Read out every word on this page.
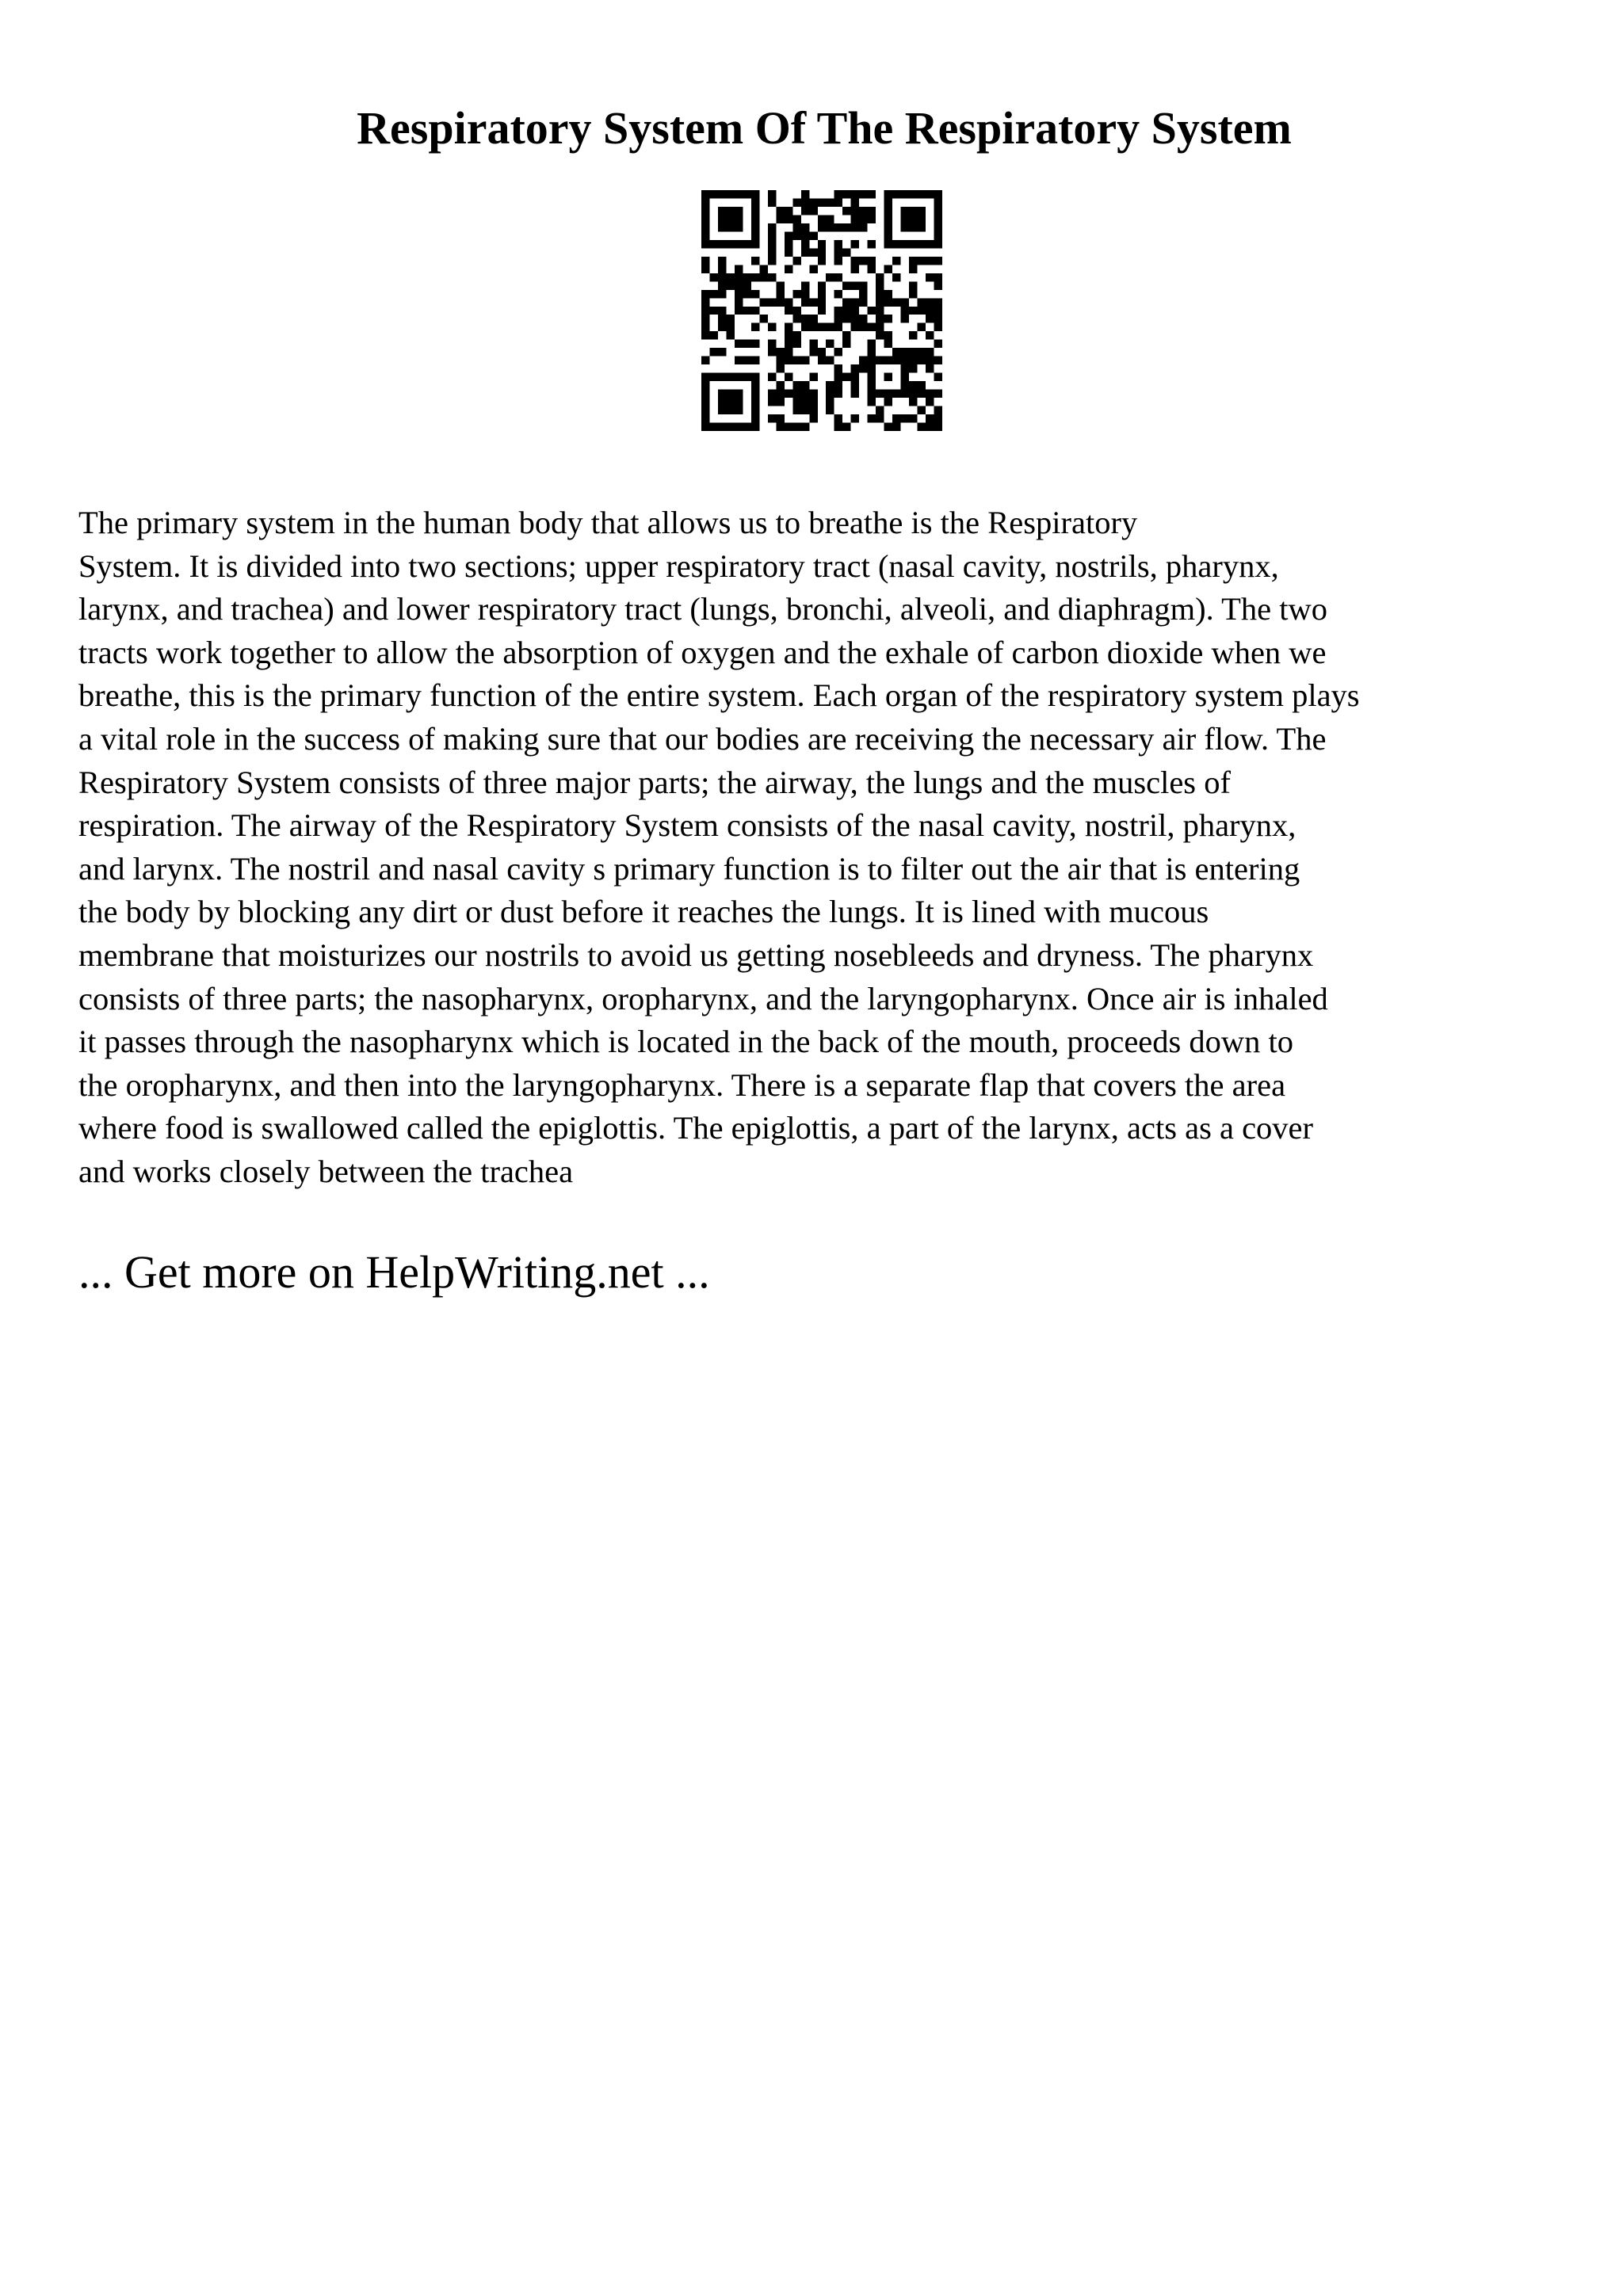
Respiratory System Of The Respiratory System
The primary system in the human body that allows us to breathe is the Respiratory
System. It is divided into two sections; upper respiratory tract (nasal cavity, nostrils, pharynx,
larynx, and trachea) and lower respiratory tract (lungs, bronchi, alveoli, and diaphragm). The two
tracts work together to allow the absorption of oxygen and the exhale of carbon dioxide when we
breathe, this is the primary function of the entire system. Each organ of the respiratory system plays
a vital role in the success of making sure that our bodies are receiving the necessary air flow. The
Respiratory System consists of three major parts; the airway, the lungs and the muscles of
respiration. The airway of the Respiratory System consists of the nasal cavity, nostril, pharynx,
and larynx. The nostril and nasal cavity s primary function is to filter out the air that is entering
the body by blocking any dirt or dust before it reaches the lungs. It is lined with mucous
membrane that moisturizes our nostrils to avoid us getting nosebleeds and dryness. The pharynx
consists of three parts; the nasopharynx, oropharynx, and the laryngopharynx. Once air is inhaled
it passes through the nasopharynx which is located in the back of the mouth, proceeds down to
the oropharynx, and then into the laryngopharynx. There is a separate flap that covers the area
where food is swallowed called the epiglottis. The epiglottis, a part of the larynx, acts as a cover
and works closely between the trachea
... Get more on HelpWriting.net ...
